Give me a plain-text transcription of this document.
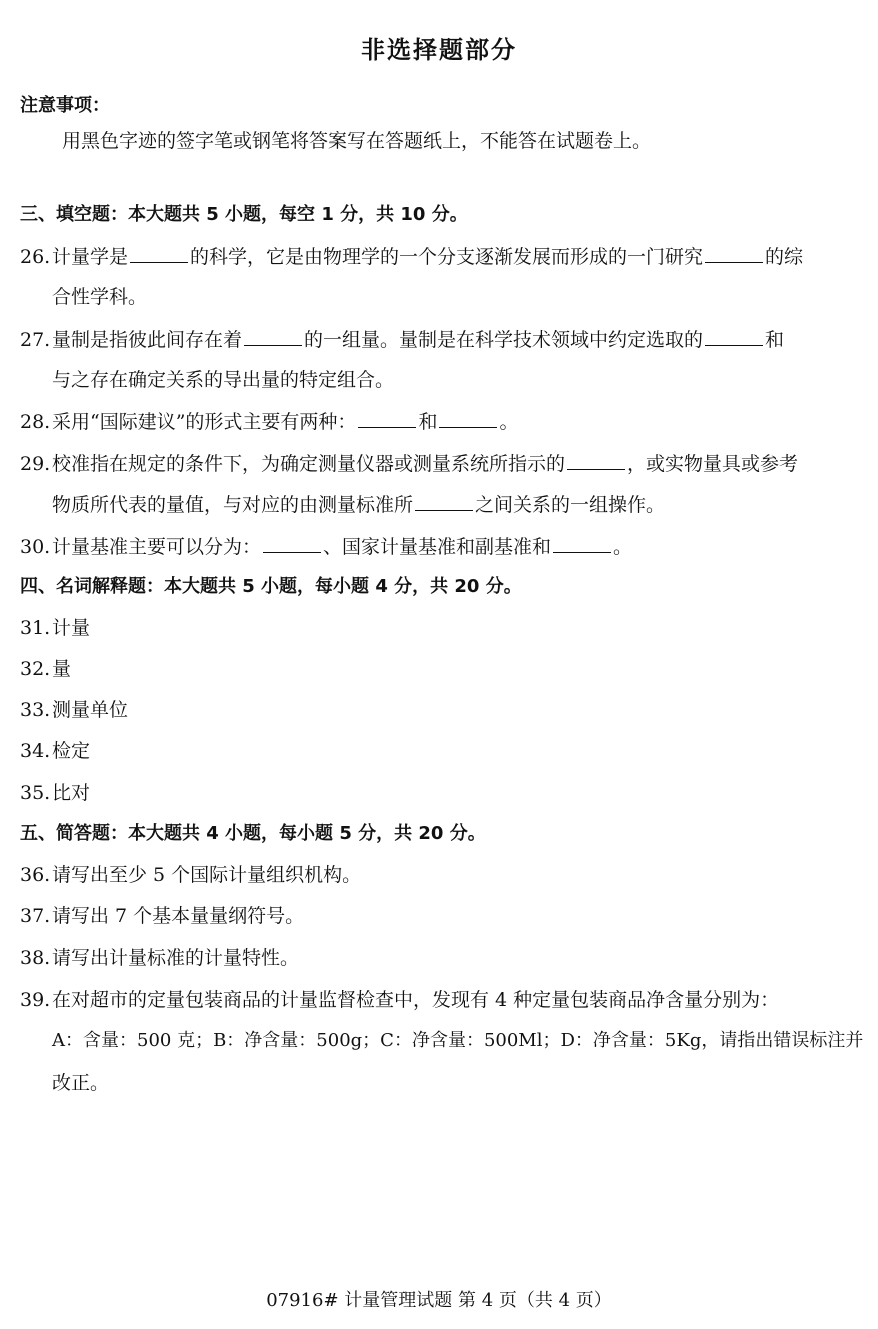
非选择题部分
注意事项：
用黑色字迹的签字笔或钢笔将答案写在答题纸上，不能答在试题卷上。
三、填空题：本大题共 5 小题，每空 1 分，共 10 分。
26.计量学是	的科学，它是由物理学的一个分支逐渐发展而形成的一门研究	的综
合性学科。
27.量制是指彼此间存在着	的一组量。量制是在科学技术领域中约定选取的	和
与之存在确定关系的导出量的特定组合。
28.采用“国际建议”的形式主要有两种：	和	。
29.校准指在规定的条件下，为确定测量仪器或测量系统所指示的	，或实物量具或参考
物质所代表的量值，与对应的由测量标准所	之间关系的一组操作。
30.计量基准主要可以分为：	、国家计量基准和副基准和	。
四、名词解释题：本大题共 5 小题，每小题 4 分，共 20 分。
31.计量
32.量
33.测量单位
34.检定
35.比对
五、简答题：本大题共 4 小题，每小题 5 分，共 20 分。
36.请写出至少 5 个国际计量组织机构。
37.请写出 7 个基本量量纲符号。
38.请写出计量标准的计量特性。
39.在对超市的定量包装商品的计量监督检查中，发现有 4 种定量包装商品净含量分别为：
A：含量：500 克；B：净含量：500g；C：净含量：500Ml；D：净含量：5Kg，请指出错误标注并
改正。
07916# 计量管理试题 第 4 页（共 4 页）
